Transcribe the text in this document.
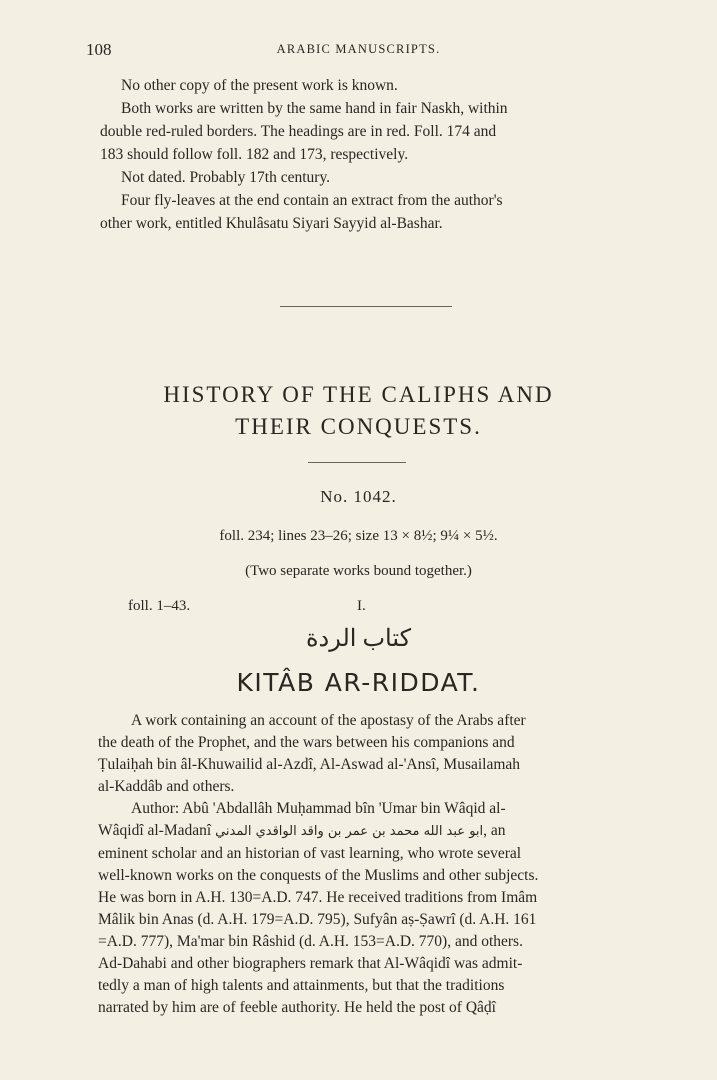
108	ARABIC MANUSCRIPTS.
No other copy of the present work is known.
Both works are written by the same hand in fair Naskh, within
double red-ruled borders. The headings are in red. Foll. 174 and
183 should follow foll. 182 and 173, respectively.
Not dated. Probably 17th century.
Four fly-leaves at the end contain an extract from the author's
other work, entitled Khulâsatu Siyari Sayyid al-Bashar.
HISTORY OF THE CALIPHS AND
THEIR CONQUESTS.
No. 1042.
foll. 234; lines 23–26; size 13 × 8½; 9¼ × 5½.
(Two separate works bound together.)
foll. 1–43.	I.
كتاب الردة
KITÂB AR-RIDDAT.
A work containing an account of the apostasy of the Arabs after
the death of the Prophet, and the wars between his companions and
Ṭulaiḥah bin âl-Khuwailid al-Azdî, Al-Aswad al-'Ansî, Musailamah
al-Kaddâb and others.
Author: Abû 'Abdallâh Muḥammad bîn 'Umar bin Wâqid al-
Wâqidî al-Madanî ابو عبد الله محمد بن عمر بن واقد الواقدي المدني, an
eminent scholar and an historian of vast learning, who wrote several
well-known works on the conquests of the Muslims and other subjects.
He was born in A.H. 130=A.D. 747. He received traditions from Imâm
Mâlik bin Anas (d. A.H. 179=A.D. 795), Sufyân aṣ-Ṣawrî (d. A.H. 161
=A.D. 777), Ma'mar bin Râshid (d. A.H. 153=A.D. 770), and others.
Ad-Dahabi and other biographers remark that Al-Wâqidî was admit-
tedly a man of high talents and attainments, but that the traditions
narrated by him are of feeble authority. He held the post of Qâḍî
